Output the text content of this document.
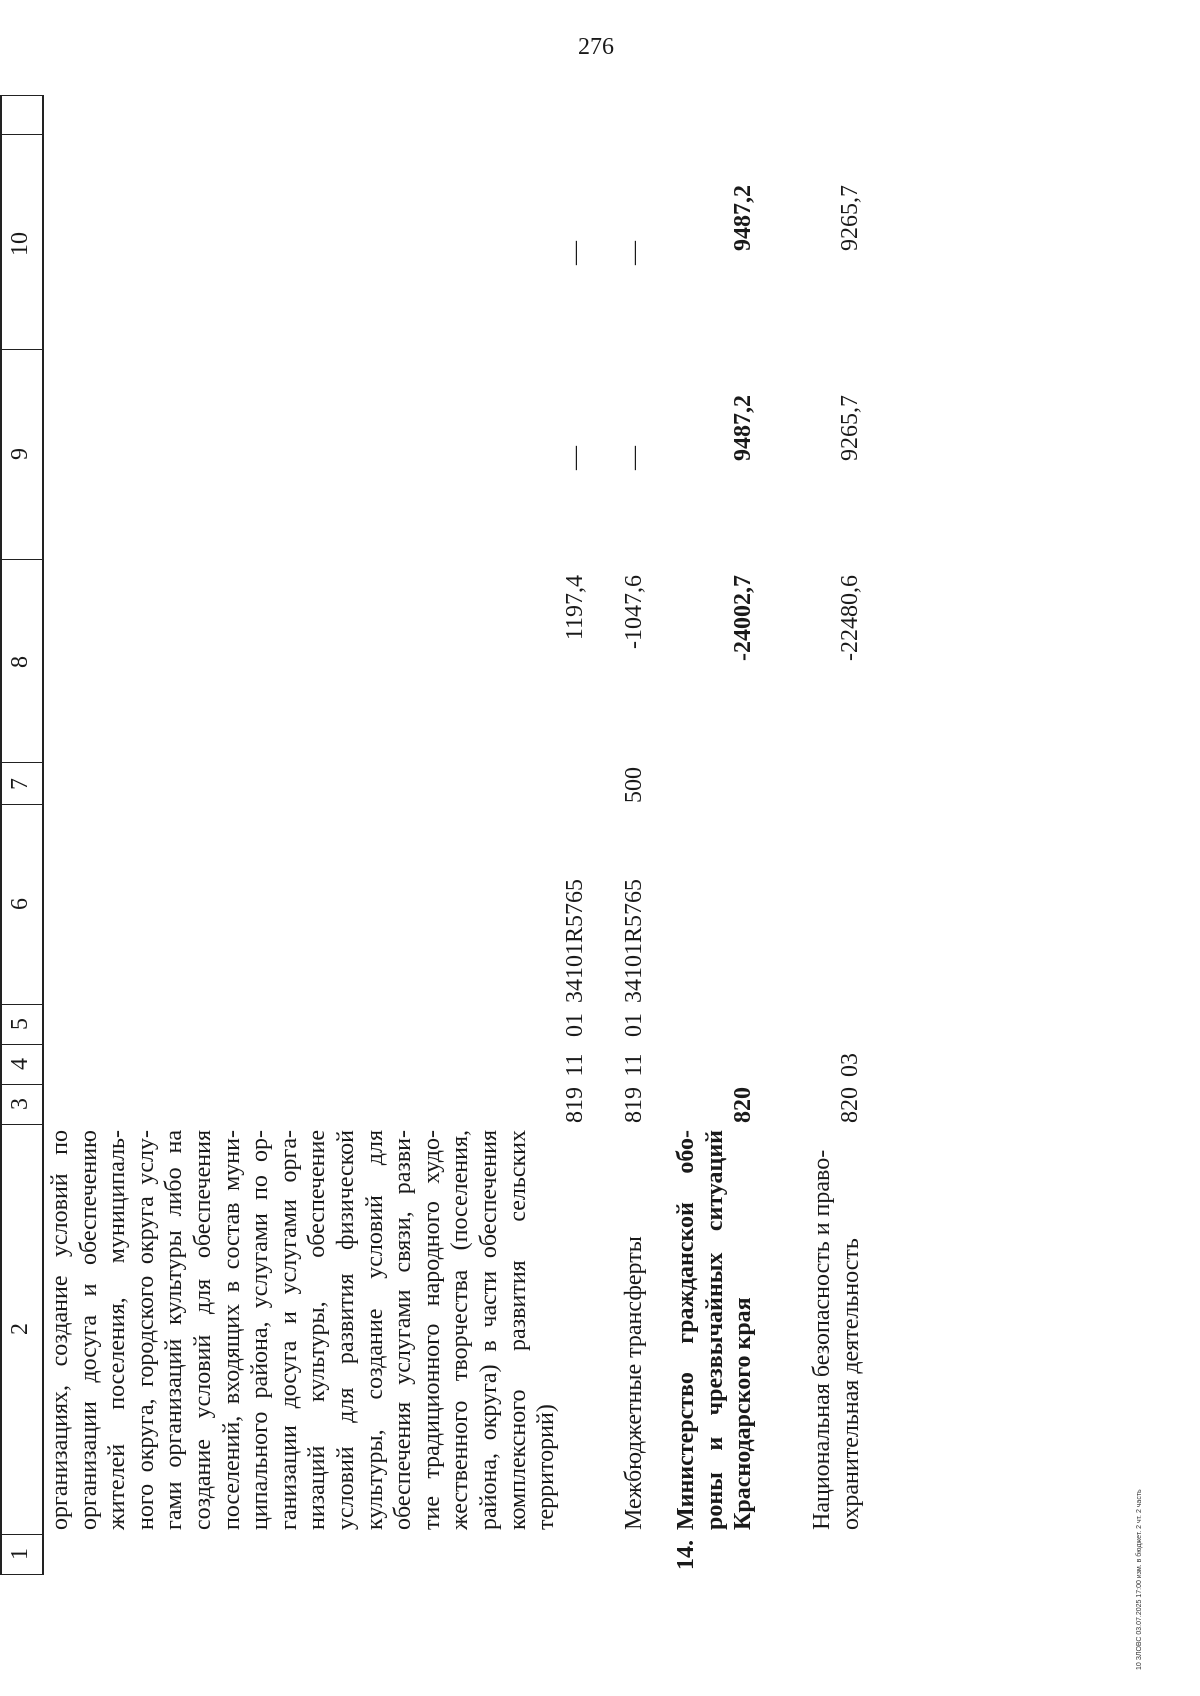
276
10 ЗЛОВС 03.07.2025 17:00 изм. в бюджет. 2 чт. 2 часть
1
2
3
4
5
6
7
8
9
10
организациях, создание условий по организации досуга и обеспечению жителей поселения, муниципаль- ного округа, городского округа услу- гами организаций культуры либо на создание условий для обеспечения поселений, входящих в состав муни- ципального района, услугами по ор- ганизации досуга и услугами орга- низаций культуры, обеспечение условий для развития физической культуры, создание условий для обеспечения услугами связи, разви- тие традиционного народного худо- жественного творчества (поселения, района, округа) в части обеспечения комплексного развития сельских территорий)
819
11
01
34101R5765
1197,4
—
—
Межбюджетные трансферты
819
11
01
34101R5765
500
-1047,6
—
—
14.
Министерство гражданской обо- роны и чрезвычайных ситуаций Краснодарского края
820
-24002,7
9487,2
9487,2
Национальная безопасность и право- охранительная деятельность
820
03
-22480,6
9265,7
9265,7
